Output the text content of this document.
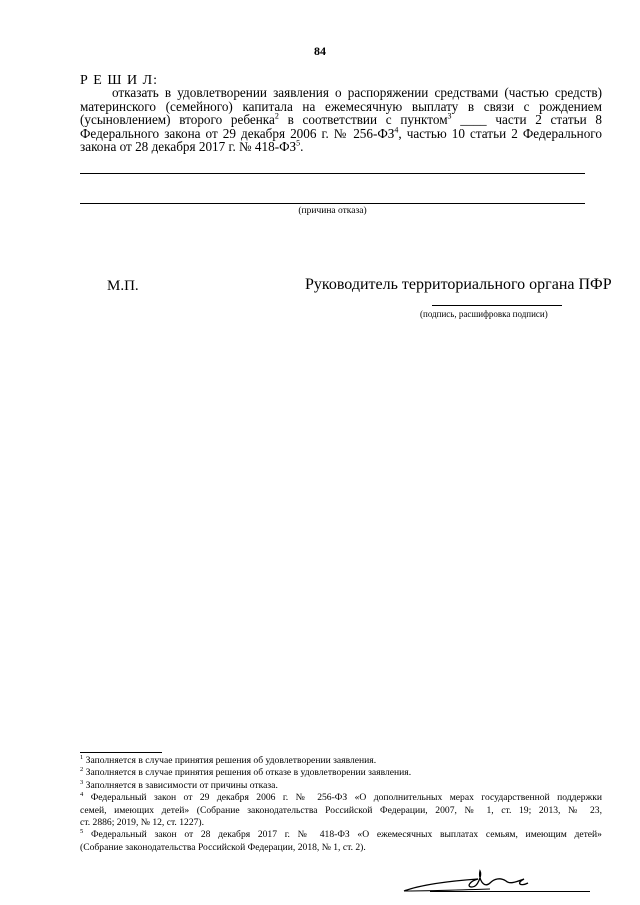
84
Р Е Ш И Л:
отказать в удовлетворении заявления о распоряжении средствами (частью средств)
материнского (семейного) капитала на ежемесячную выплату в связи с рождением
(усыновлением) второго ребенка$^2$ в соответствии с пунктом$^3$ ____ части 2 статьи 8
Федерального закона от 29 декабря 2006 г. № $256-ФЗ^4$, частью 10 статьи 2 Федерального
закона от 28 декабря 2017 г. № $418-ФЗ^5$.
(причина отказа)
М.П.	Руководитель территориального органа ПФР
(подпись, расшифровка подписи)
$^1$ Заполняется в случае принятия решения об удовлетворении заявления.
$^2$ Заполняется в случае принятия решения об отказе в удовлетворении заявления.
$^3$ Заполняется в зависимости от причины отказа.
$^4$ Федеральный закон от 29 декабря 2006 г. № 256-ФЗ «О дополнительных мерах государственной поддержки
семей, имеющих детей» (Собрание законодательства Российской Федерации, 2007, № 1, ст. 19; 2013, № 23,
ст. 2886; 2019, № 12, ст. 1227).
$^5$ Федеральный закон от 28 декабря 2017 г. № 418-ФЗ «О ежемесячных выплатах семьям, имеющим детей»
(Собрание законодательства Российской Федерации, 2018, № 1, ст. 2).
